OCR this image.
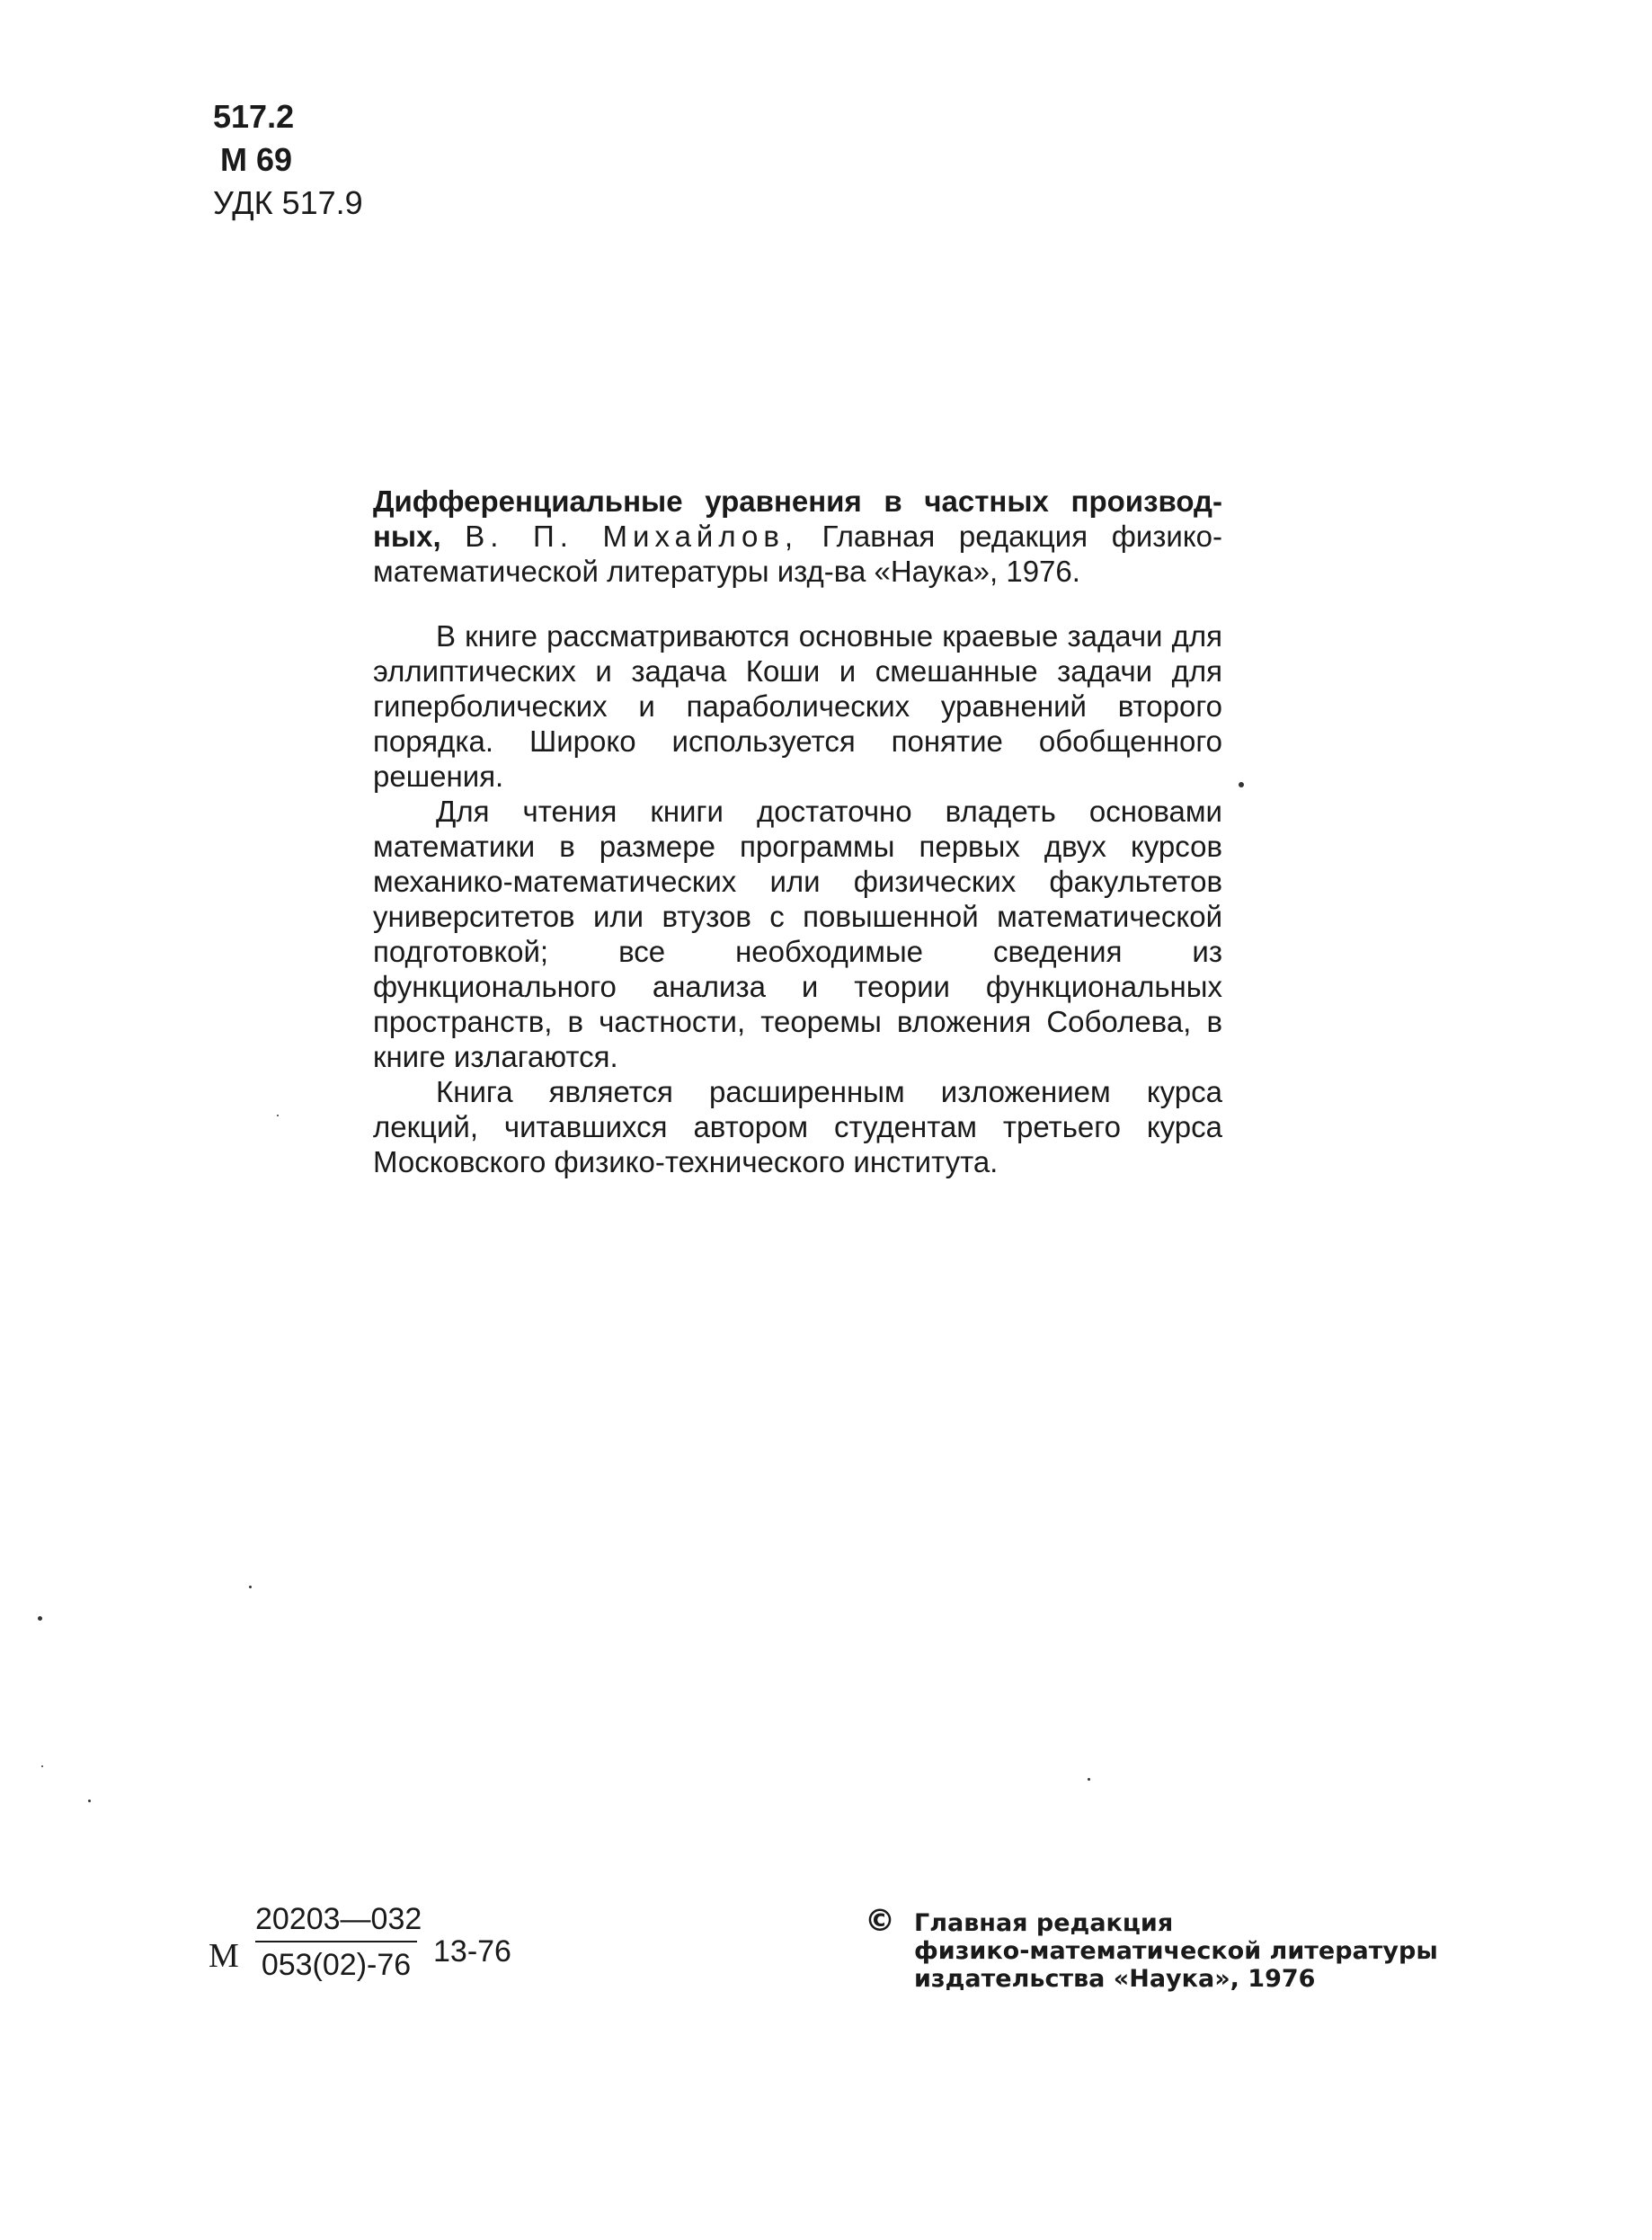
517.2
М 69
УДК 517.9

Дифференциальные уравнения в частных производ-ных, В. П. Михайлов, Главная редакция физико-математической литературы изд-ва «Наука», 1976.

В книге рассматриваются основные краевые задачи для эллиптических и задача Коши и смешанные задачи для гиперболических и параболических уравнений второго порядка. Широко используется понятие обобщенного решения.

Для чтения книги достаточно владеть основами математики в размере программы первых двух курсов механико-математических или физических факультетов университетов или втузов с повышенной математической подготовкой; все необходимые сведения из функционального анализа и теории функциональных пространств, в частности, теоремы вложения Соболева, в книге излагаются.

Книга является расширенным изложением курса лекций, читавшихся автором студентам третьего курса Московского физико-технического института.

М $\frac{20203—032}{053(02)-76} 13-76$
© Главная редакция
физико-математической литературы
издательства «Наука», 1976
